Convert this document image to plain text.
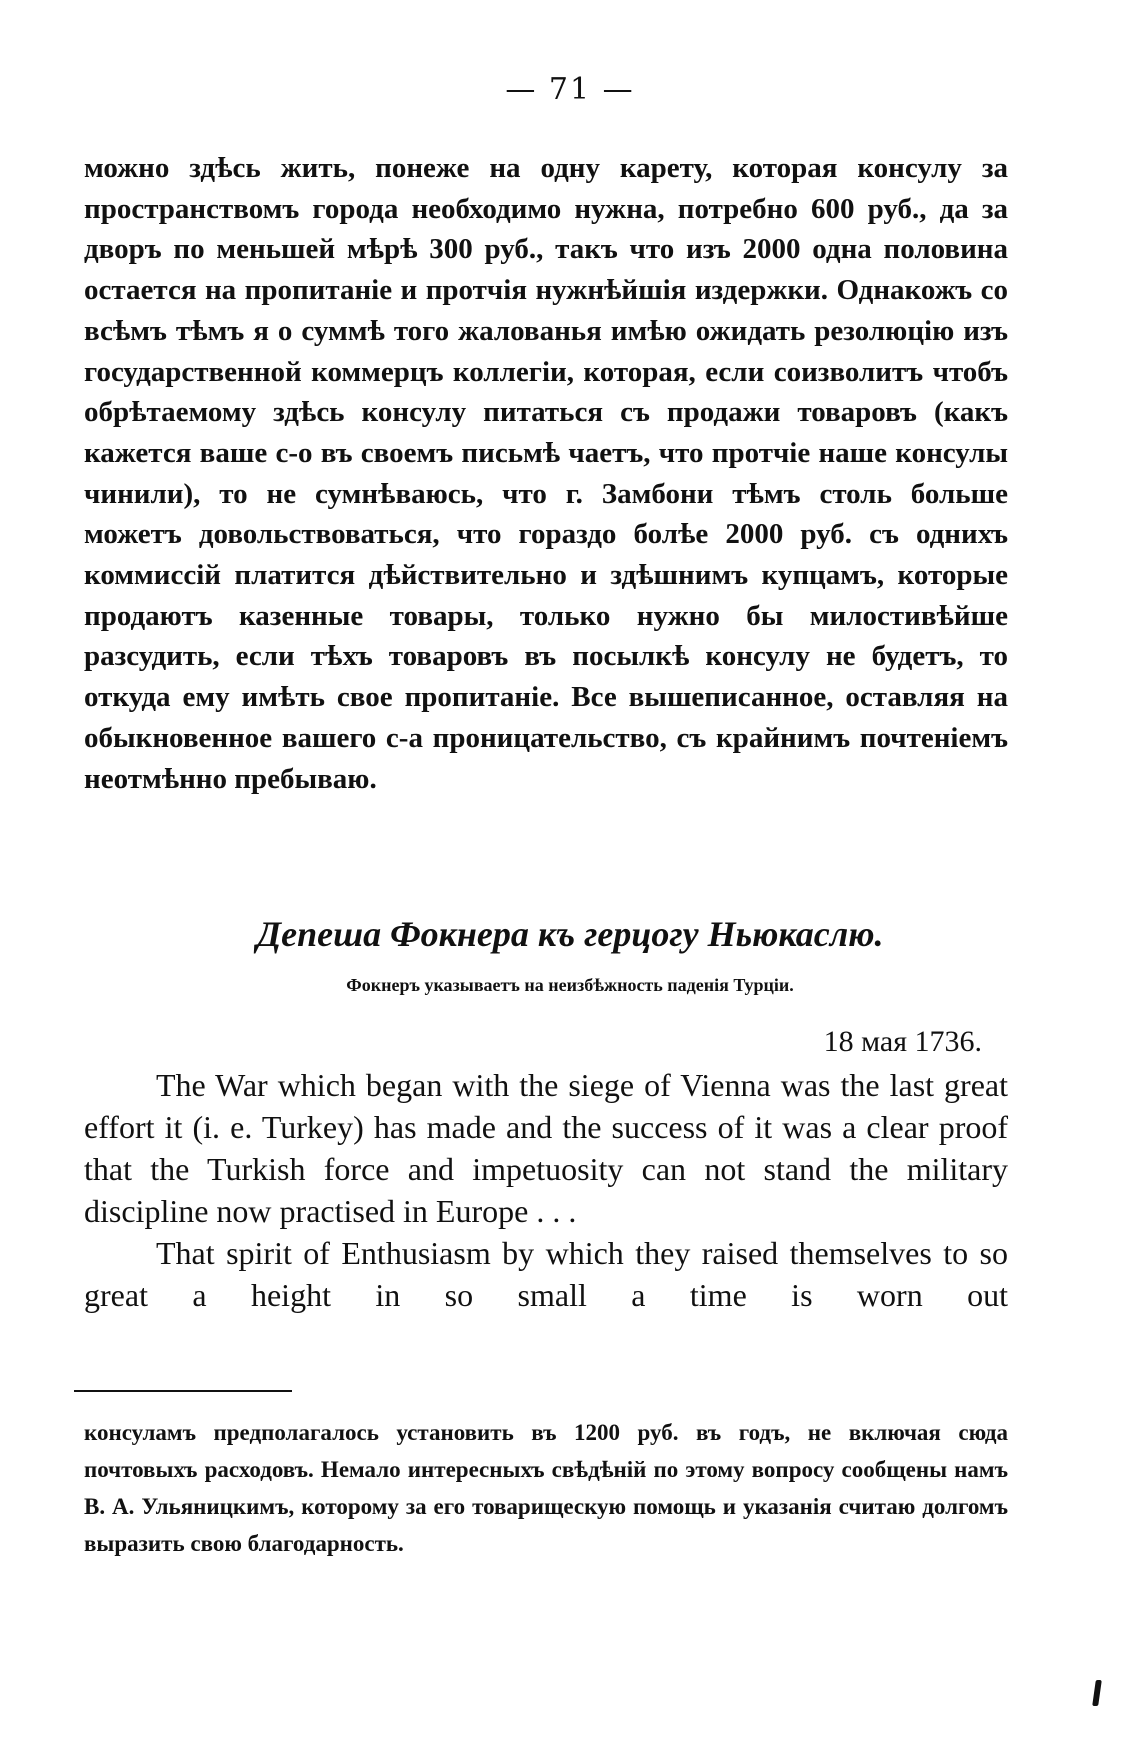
— 71 —

можно здѣсь жить, понеже на одну карету, которая консулу за пространствомъ города необходимо нужна, потребно 600 руб., да за дворъ по меньшей мѣрѣ 300 руб., такъ что изъ 2000 одна половина остается на пропитаніе и протчія нужнѣйшія издержки. Однакожъ со всѣмъ тѣмъ я о суммѣ того жалованья имѣю ожидать резолюцію изъ государственной коммерцъ коллегіи, которая, если соизволитъ чтобъ обрѣтаемому здѣсь консулу питаться съ продажи товаровъ (какъ кажется ваше с-о въ своемъ письмѣ чаетъ, что протчіе наше консулы чинили), то не сумнѣваюсь, что г. Замбони тѣмъ столь больше можетъ довольствоваться, что гораздо болѣе 2000 руб. съ однихъ коммиссій платится дѣйствительно и здѣшнимъ купцамъ, которые продаютъ казенные товары, только нужно бы милостивѣйше разсудить, если тѣхъ товаровъ въ посылкѣ консулу не будетъ, то откуда ему имѣть свое пропитаніе. Все вышеписанное, оставляя на обыкновенное вашего с-а проницательство, съ крайнимъ почтеніемъ неотмѣнно пребываю.

Депеша Фокнера къ герцогу Ньюкаслю.
Фокнеръ указываетъ на неизбѣжность паденія Турціи.
18 мая 1736.

The War which began with the siege of Vienna was the last great effort it (i. e. Turkey) has made and the success of it was a clear proof that the Turkish force and impetuosity can not stand the military discipline now practised in Europe . . .

That spirit of Enthusiasm by which they raised themselves to so great a height in so small a time is worn out

консуламъ предполагалось установить въ 1200 руб. въ годъ, не включая сюда почтовыхъ расходовъ. Немало интересныхъ свѣдѣній по этому вопросу сообщены намъ В. А. Ульяницкимъ, которому за его товарищескую помощь и указанія считаю долгомъ выразить свою благодарность.
